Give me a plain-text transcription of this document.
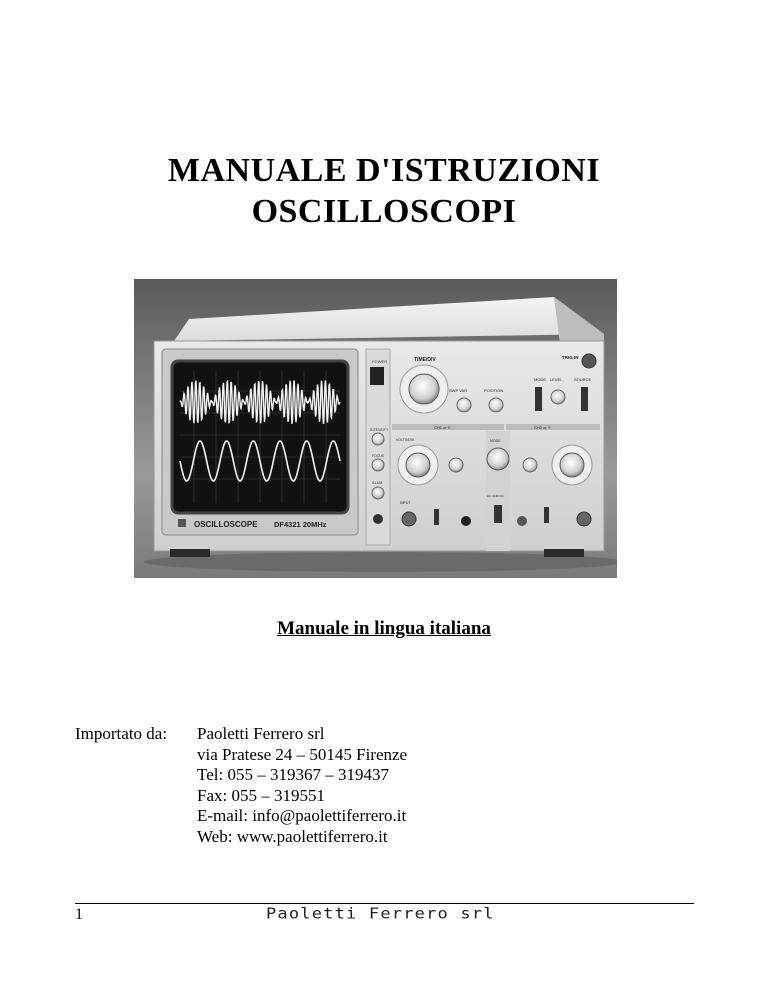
MANUALE D'ISTRUZIONI
OSCILLOSCOPI
OSCILLOSCOPE DF4321 20MHz
POWER
INTENSITY
FOCUS
ILLUM
TIME/DIV
SWP VAR	POSITION
TRIG IN
MODE LEVEL	SOURCE
CH1 or X	CH2 or Y
VOLTS/DIV
INPUT
MODE
AC GND DC
Manuale in lingua italiana
Importato da: Paoletti Ferrero srl
via Pratese 24 – 50145 Firenze
Tel: 055 – 319367 – 319437
Fax: 055 – 319551
E-mail: info@paolettiferrero.it
Web: www.paolettiferrero.it
1	Paoletti Ferrero srl
